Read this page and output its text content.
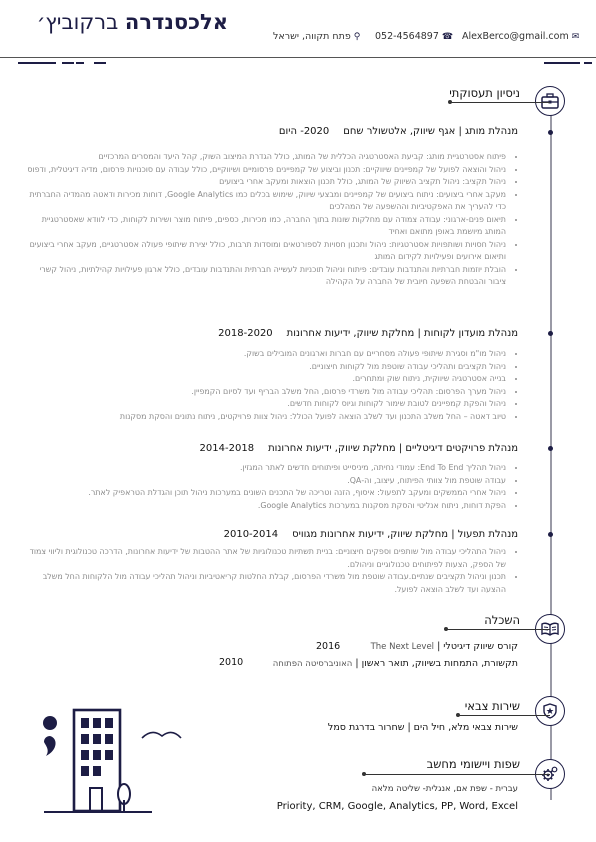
אלכסנדרה ברקוביץ׳
✉
AlexBerco@gmail.com
☎
052-4564897
⚲
פתח תקווה, ישראל
ניסיון תעסוקתי
מנהלת מותג | אגף שיווק, אלטשולר שחם2020- היום
• פיתוח אסטרטגיית מותג: קביעת האסטרטגיה הכללית של המותג, כולל הגדרת המיצוב השוק, קהל היעד והמסרים המרכזיים
• ניהול והוצאה לפועל של קמפיינים שיווקיים: תכנון וביצוע של קמפיינים פרסומיים ושיווקיים, כולל עבודה עם סוכנויות פרסום, מדיה דיגיטלית, ודפוס
• ניהול תקציב: ניהול תקציב השיווק של המותג, כולל תכנון הוצאות ומעקב אחרי ביצועים
• מעקב אחרי ביצועים: ניתוח ביצועים של קמפיינים ומבצעי שיווק, שימוש בכלים כמו Google Analytics, דוחות מכירות ודאטה מהמדיה החברתית כדי להעריך את האפקטיביות וההשפעה של המהלכים
• תיאום פנים-ארגוני: עבודה צמודה עם מחלקות שונות בתוך החברה, כמו מכירות, כספים, פיתוח מוצר ושירות לקוחות, כדי לוודא שאסטרטגיית המותג מיושמת באופן מתואם ואחיד
• ניהול חסויות ושותפויות אסטרטגיות: ניהול ותכנון חסויות לספורטאים ומוסדות תרבות, כולל יצירת שיתופי פעולה אסטרטגיים, מעקב אחרי ביצועים ותיאום אירועים ופעילויות לקידום המותג
• הובלת יוזמות חברתיות והתנדבות עובדים: פיתוח וניהול תוכניות לעשייה חברתית והתנדבות עובדים, כולל ארגון פעילויות קהילתיות, ניהול קשרי ציבור והבטחת השפעה חיובית של החברה על הקהילה
מנהלת מועדון לקוחות | מחלקת שיווק, ידיעות אחרונות2018-2020
• ניהול מו"מ וסגירת שיתופי פעולה מסחריים עם חברות וארגונים המובילים בשוק.
• ניהול תקציבים ותהליכי עבודה שוטפת מול לקוחות חיצוניים.
• בנייה אסטרטגיה שיווקית, ניתוח שוק ומתחרים.
• ניהול מערך הפרסום: תהליכי עבודה מול משרדי פרסום, החל משלב הבריף ועד לסיום הקמפיין.
• ניהול והפקת קמפיינים לטובת שימור לקוחות וגיוס לקוחות חדשים.
• טיוב דאטה – החל משלב התכנון ועד לשלב הוצאה לפועל הכולל: ניהול צוות פרויקטים, ניתוח נתונים והסקת מסקנות
מנהלת פרויקטים דיגיטליים | מחלקת שיווק, ידיעות אחרונות2014-2018
• ניהול תהליך End To End: עמודי נחיתה, מיניסייט ופיתוחים חדשים לאתר המגזין.
• עבודה שוטפת מול צוותי הפיתוח, עיצוב, וה-QA.
• ניהול אחרי הממשקים ומעקב לתפעול: איסוף, הזנה וטריכה של התכנים השונים במערכות ניהול תוכן והגדלת הטראפיק לאתר.
• הפקת דוחות, ניתוח אנליטי והסקת מסקנות במערכות Google Analytics.
מנהלת תפעול | מחלקת שיווק, ידיעות אחרונות מגוויס2010-2014
• ניהול התהליכי עבודה מול שותפים וספקים חיצוניים: בניית תשתיות טכנולוגיות של אתר ההטבות של ידיעות אחרונות, הדרכה טכנולוגית וליווי צמוד של הספק, הצעות לפיתוחים טכנולוגיים וניהולם.
• תכנון וניהול תקציבים שנתיים.עבודה שוטפת מול משרדי הפרסום, קבלת החלטות קריאטיביות וניהול תהליכי עבודה מול הלקוחות החל משלב ההצעה ועד לשלב הוצאה לפועל.
השכלה
קורס שיווק דיגיטלי | The Next Level
2016
תקשורת, התמחות בשיווק, תואר ראשון | האוניברסיטה הפתוחה
2010
שירות צבאי
שירות צבאי מלא, חיל הים | שחרור בדרגת סמל
שפות ויישומי מחשב
עברית - שפת אם, אנגלית- שליטה מלאה
Priority, CRM, Google, Analytics, PP, Word, Excel
